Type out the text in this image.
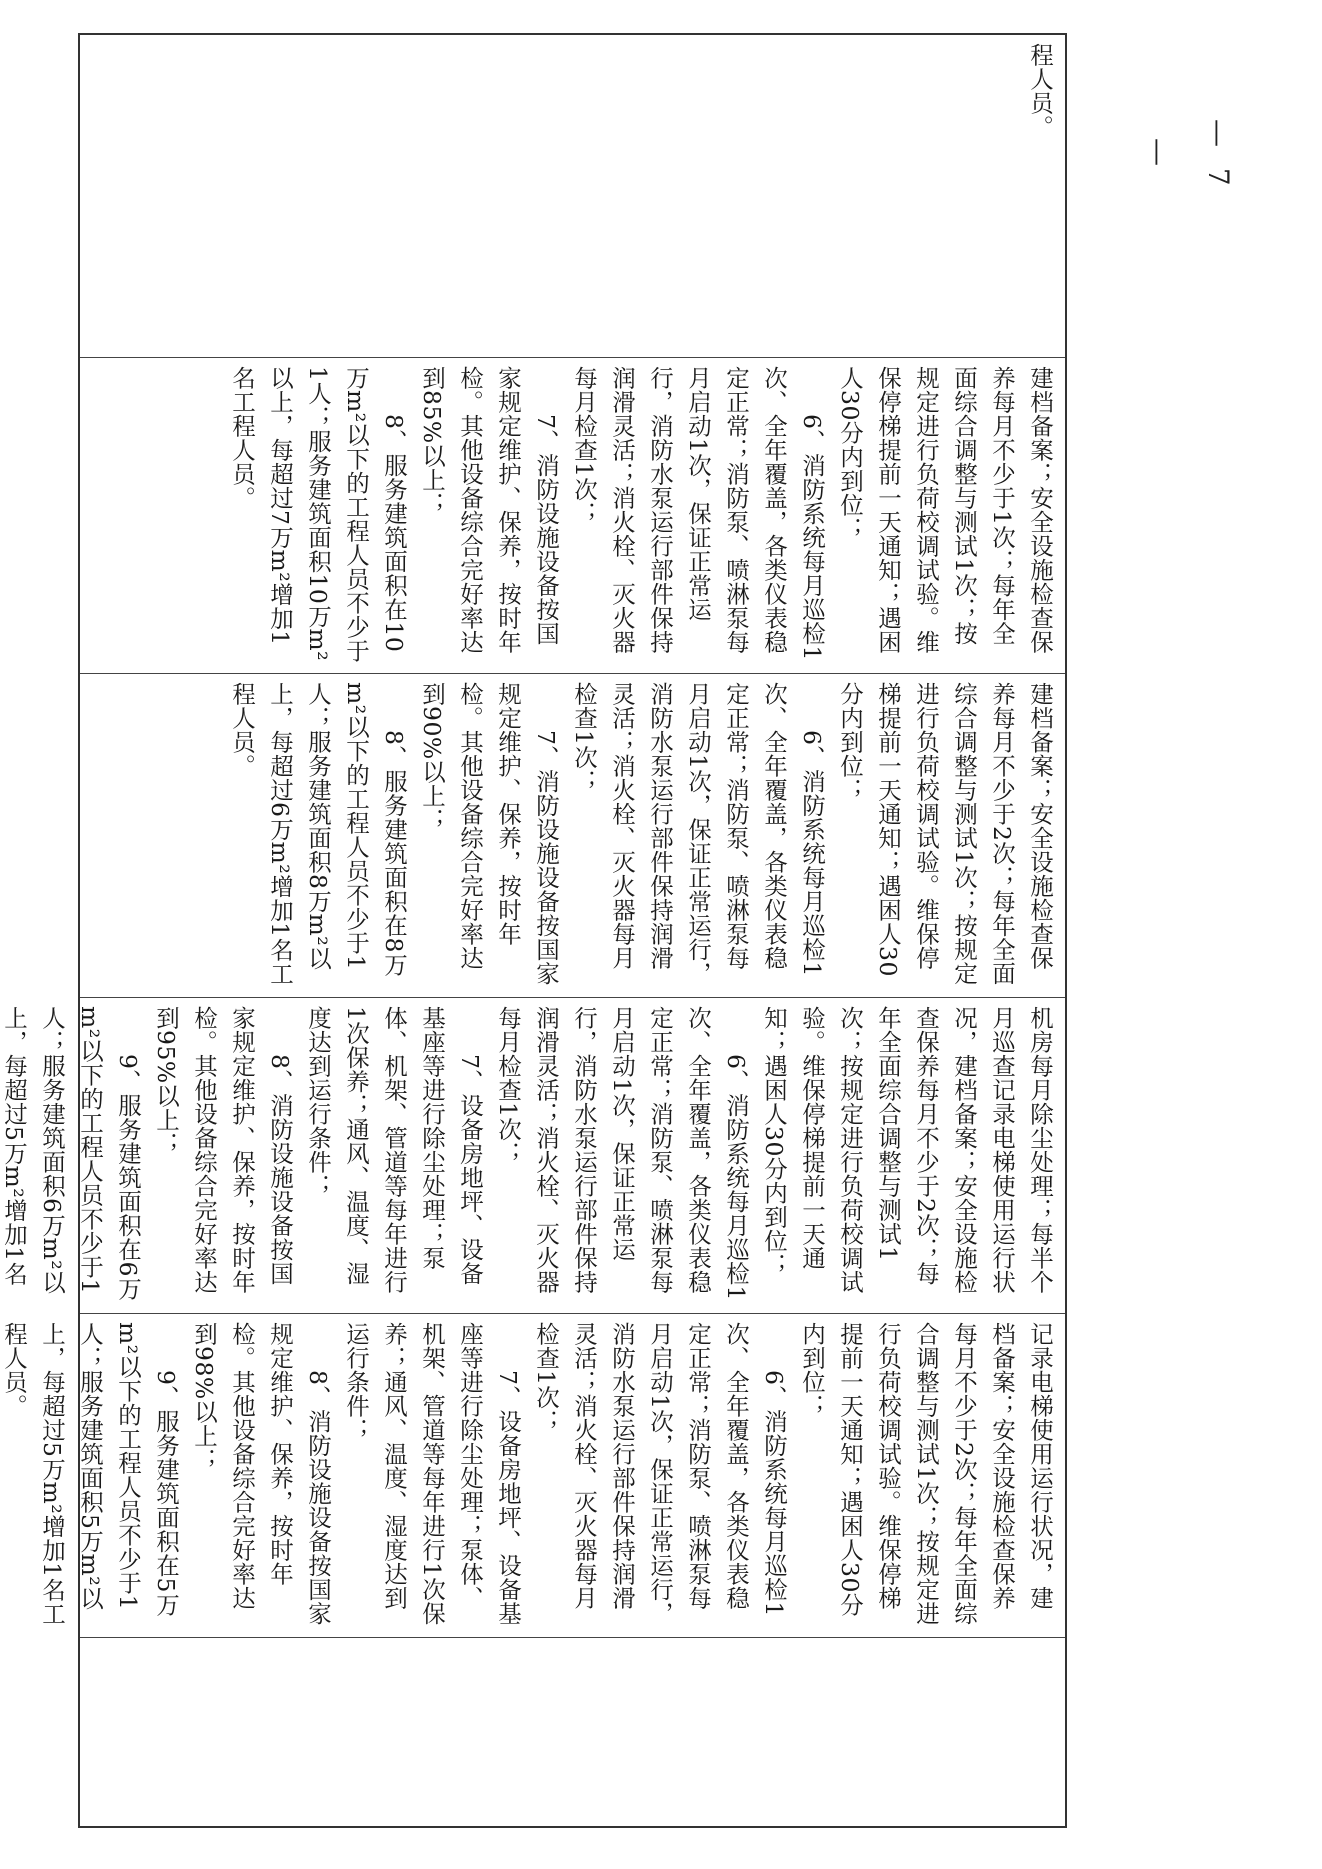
— 7 —
程人员。
建档备案；安全设施检查保养每月不少于1次；每年全面综合调整与测试1次；按规定进行负荷校调试验。维保停梯提前一天通知；遇困人30分内到位；
　　6、消防系统每月巡检1次、全年覆盖，各类仪表稳定正常；消防泵、喷淋泵每月启动1次，保证正常运行，消防水泵运行部件保持润滑灵活；消火栓、灭火器每月检查1次；
　　7、消防设施设备按国家规定维护、保养，按时年检。其他设备综合完好率达到85%以上；
　　8、服务建筑面积在10万m²以下的工程人员不少于1人；服务建筑面积10万m²以上，每超过7万m²增加1名工程人员。
建档备案；安全设施检查保养每月不少于2次；每年全面综合调整与测试1次；按规定进行负荷校调试验。维保停梯提前一天通知；遇困人30分内到位；
　　6、消防系统每月巡检1次、全年覆盖，各类仪表稳定正常；消防泵、喷淋泵每月启动1次，保证正常运行，消防水泵运行部件保持润滑灵活；消火栓、灭火器每月检查1次；
　　7、消防设施设备按国家规定维护、保养，按时年检。其他设备综合完好率达到90%以上；
　　8、服务建筑面积在8万m²以下的工程人员不少于1人；服务建筑面积8万m²以上，每超过6万m²增加1名工程人员。
机房每月除尘处理；每半个月巡查记录电梯使用运行状况，建档备案；安全设施检查保养每月不少于2次；每年全面综合调整与测试1次；按规定进行负荷校调试验。维保停梯提前一天通知；遇困人30分内到位；
　　6、消防系统每月巡检1次、全年覆盖，各类仪表稳定正常；消防泵、喷淋泵每月启动1次，保证正常运行，消防水泵运行部件保持润滑灵活；消火栓、灭火器每月检查1次；
　　7、设备房地坪、设备基座等进行除尘处理；泵体、机架、管道等每年进行1次保养；通风、温度、湿度达到运行条件；
　　8、消防设施设备按国家规定维护、保养，按时年检。其他设备综合完好率达到95%以上；
　　9、服务建筑面积在6万m²以下的工程人员不少于1人；服务建筑面积6万m²以上，每超过5万m²增加1名
记录电梯使用运行状况，建档备案；安全设施检查保养每月不少于2次；每年全面综合调整与测试1次；按规定进行负荷校调试验。维保停梯提前一天通知；遇困人30分内到位；
　　6、消防系统每月巡检1次、全年覆盖，各类仪表稳定正常；消防泵、喷淋泵每月启动1次，保证正常运行，消防水泵运行部件保持润滑灵活；消火栓、灭火器每月检查1次；
　　7、设备房地坪、设备基座等进行除尘处理；泵体、机架、管道等每年进行1次保养；通风、温度、湿度达到运行条件；
　　8、消防设施设备按国家规定维护、保养，按时年检。其他设备综合完好率达到98%以上；
　　9、服务建筑面积在5万m²以下的工程人员不少于1人；服务建筑面积5万m²以上，每超过5万m²增加1名工程人员。
